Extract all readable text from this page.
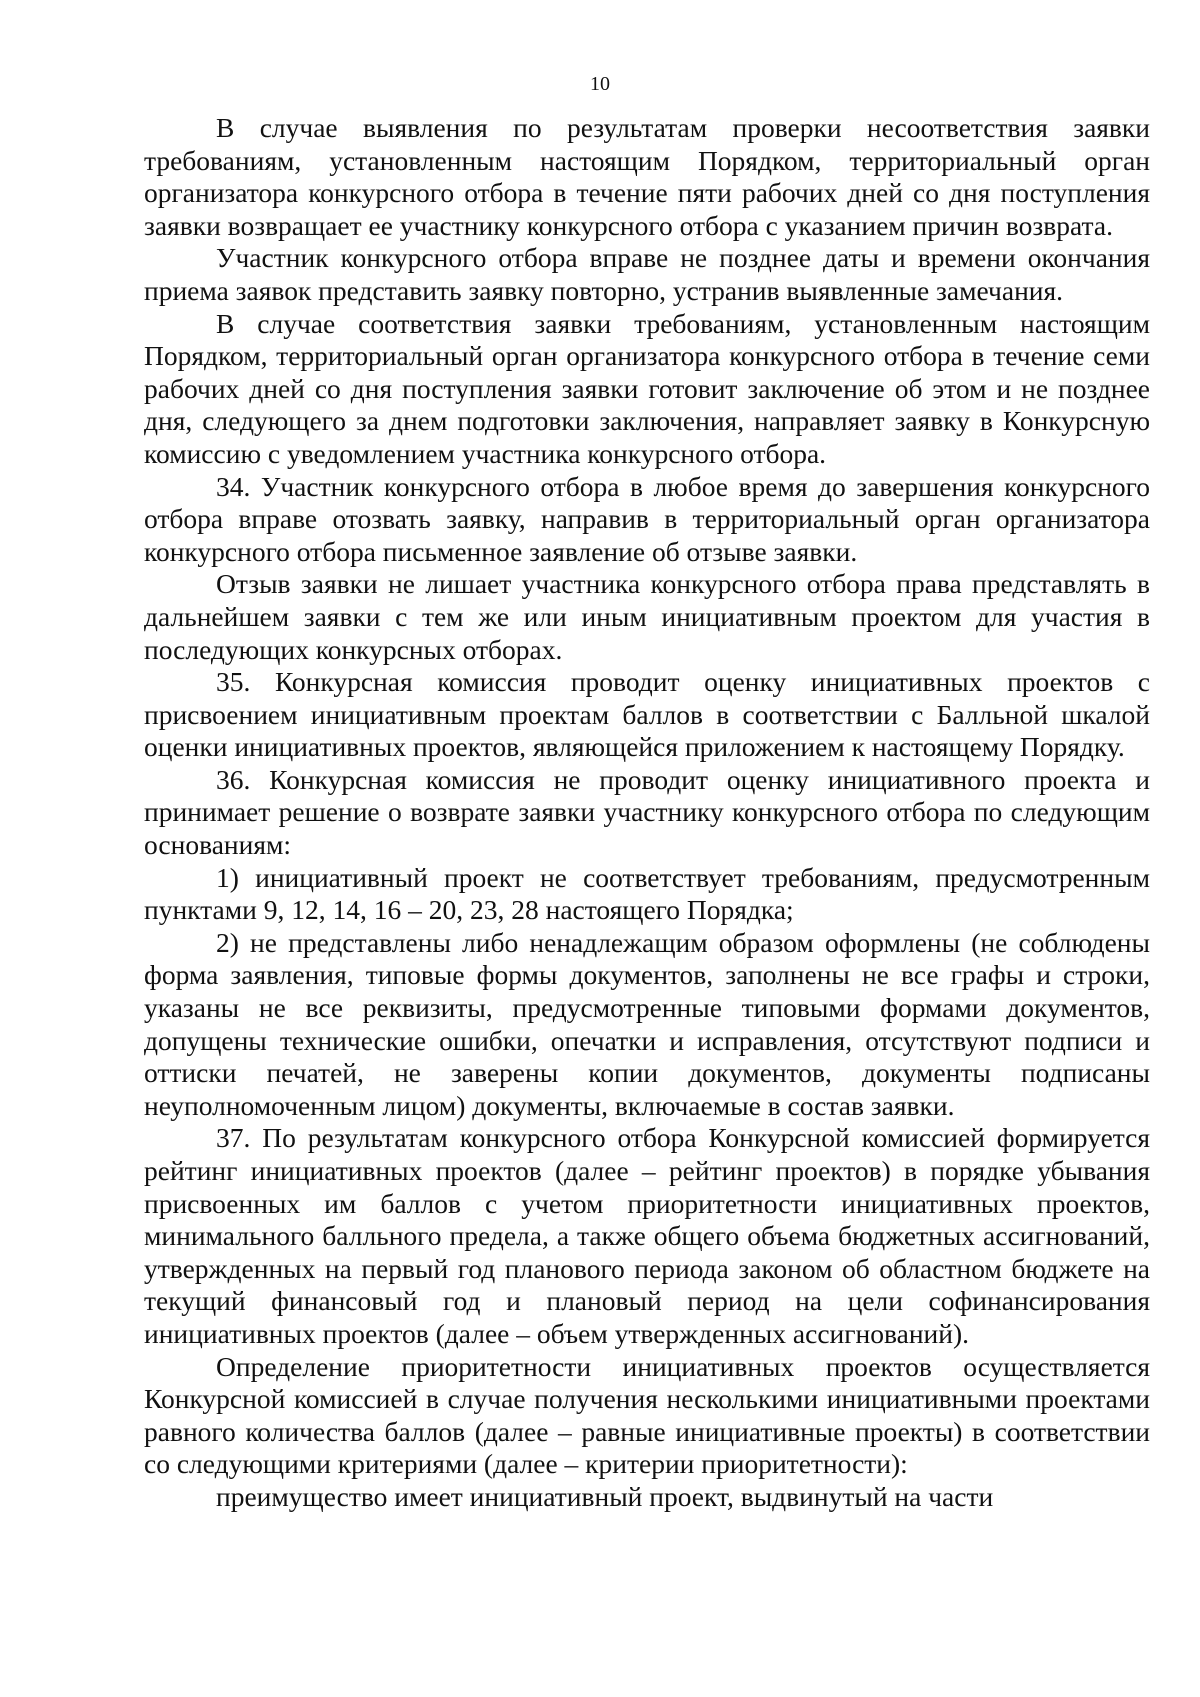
10

В случае выявления по результатам проверки несоответствия заявки требованиям, установленным настоящим Порядком, территориальный орган организатора конкурсного отбора в течение пяти рабочих дней со дня поступления заявки возвращает ее участнику конкурсного отбора с указанием причин возврата.

Участник конкурсного отбора вправе не позднее даты и времени окончания приема заявок представить заявку повторно, устранив выявленные замечания.

В случае соответствия заявки требованиям, установленным настоящим Порядком, территориальный орган организатора конкурсного отбора в течение семи рабочих дней со дня поступления заявки готовит заключение об этом и не позднее дня, следующего за днем подготовки заключения, направляет заявку в Конкурсную комиссию с уведомлением участника конкурсного отбора.

34. Участник конкурсного отбора в любое время до завершения конкурсного отбора вправе отозвать заявку, направив в территориальный орган организатора конкурсного отбора письменное заявление об отзыве заявки.

Отзыв заявки не лишает участника конкурсного отбора права представлять в дальнейшем заявки с тем же или иным инициативным проектом для участия в последующих конкурсных отборах.

35. Конкурсная комиссия проводит оценку инициативных проектов с присвоением инициативным проектам баллов в соответствии с Балльной шкалой оценки инициативных проектов, являющейся приложением к настоящему Порядку.

36. Конкурсная комиссия не проводит оценку инициативного проекта и принимает решение о возврате заявки участнику конкурсного отбора по следующим основаниям:

1) инициативный проект не соответствует требованиям, предусмотренным пунктами 9, 12, 14, 16 – 20, 23, 28 настоящего Порядка;

2) не представлены либо ненадлежащим образом оформлены (не соблюдены форма заявления, типовые формы документов, заполнены не все графы и строки, указаны не все реквизиты, предусмотренные типовыми формами документов, допущены технические ошибки, опечатки и исправления, отсутствуют подписи и оттиски печатей, не заверены копии документов, документы подписаны неуполномоченным лицом) документы, включаемые в состав заявки.

37. По результатам конкурсного отбора Конкурсной комиссией формируется рейтинг инициативных проектов (далее – рейтинг проектов) в порядке убывания присвоенных им баллов с учетом приоритетности инициативных проектов, минимального балльного предела, а также общего объема бюджетных ассигнований, утвержденных на первый год планового периода законом об областном бюджете на текущий финансовый год и плановый период на цели софинансирования инициативных проектов (далее – объем утвержденных ассигнований).

Определение приоритетности инициативных проектов осуществляется Конкурсной комиссией в случае получения несколькими инициативными проектами равного количества баллов (далее – равные инициативные проекты) в соответствии со следующими критериями (далее – критерии приоритетности):

преимущество имеет инициативный проект, выдвинутый на части
